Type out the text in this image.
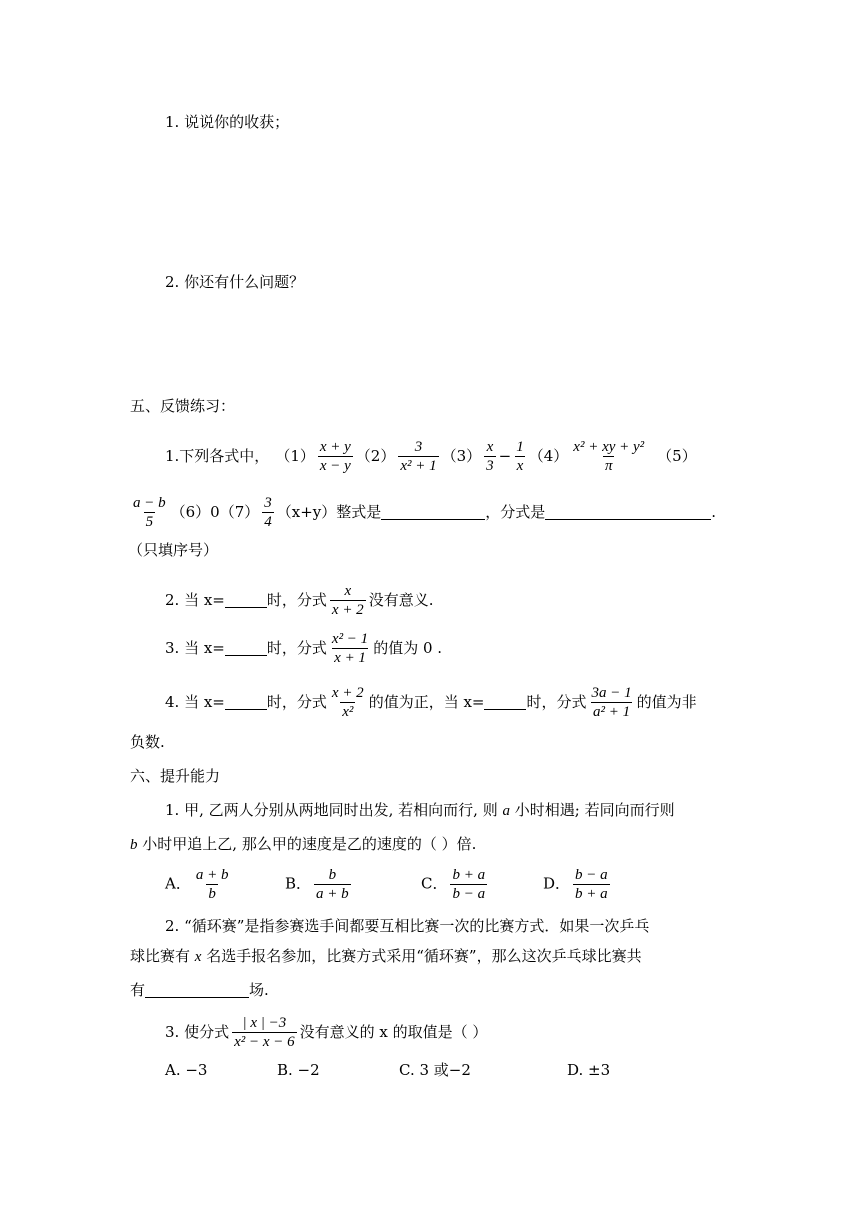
1. 说说你的收获；
2. 你还有什么问题？
五、反馈练习：
1.下列各式中， $(1) \frac{x + y}{x - y} (2) \frac{3}{\text{x² + 1}} (3) \frac{x}{3} - \frac{1}{x} (4) \frac{\text{x² + xy + y²}}{\pi} (5)$
$\frac{a - b}{5} (6)0$ $(7) \frac{3}{4} (x+y)$整式是	，分式是	.
（只填序号）
2. 当 x=	时，分式 $\frac{x}{x + 2}$ 没有意义.
3. 当 x=	时，分式 $\frac{\text{x² − 1}}{x + 1}$ 的值为 0 .
4. 当 x=	时，分式 $\frac{x + 2}{\text{x²}}$ 的值为正，当 x=	时，分式 $\frac{3a - 1}{\text{a² + 1}}$ 的值为非
负数.
六、提升能力
1. 甲, 乙两人分别从两地同时出发, 若相向而行, 则 a 小时相遇; 若同向而行则
b 小时甲追上乙, 那么甲的速度是乙的速度的（ ）倍.
A． $\frac{a + b}{b}$	B． $\frac{b}{a + b}$	C． $\frac{b + a}{b - a}$	D． $\frac{b - a}{b + a}$
2. “循环赛”是指参赛选手间都要互相比赛一次的比赛方式．如果一次乒乓
球比赛有 x 名选手报名参加，比赛方式采用“循环赛”，那么这次乒乓球比赛共
有	场.
3. 使分式 $\frac{| x | -3}{\text{x² − x − 6}}$ 没有意义的 x 的取值是（ ）
A. −3	B. −2	C. 3 或−2	D. ±3
